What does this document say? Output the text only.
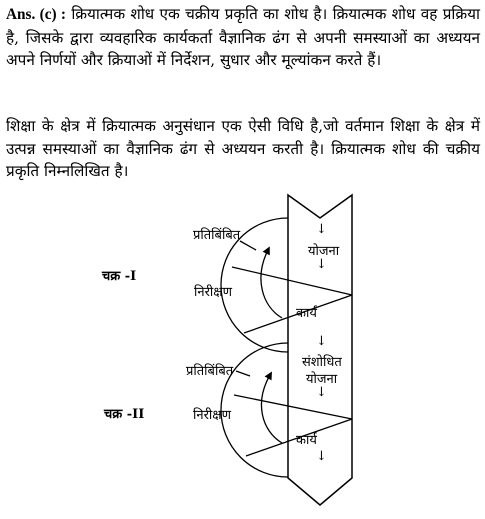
Ans. (c) : क्रियात्मक शोध एक चक्रीय प्रकृति का शोध है। क्रियात्मक शोध वह प्रक्रिया है, जिसके द्वारा व्यवहारिक कार्यकर्ता वैज्ञानिक ढंग से अपनी समस्याओं का अध्ययन अपने निर्णयों और क्रियाओं में निर्देशन, सुधार और मूल्यांकन करते हैं।

शिक्षा के क्षेत्र में क्रियात्मक अनुसंधान एक ऐसी विधि है,जो वर्तमान शिक्षा के क्षेत्र में उत्पन्न समस्याओं का वैज्ञानिक ढंग से अध्ययन करती है। क्रियात्मक शोध की चक्रीय प्रकृति निम्नलिखित है।

प्रतिबिंबित	↓
योजना
↓
चक्र -I
निरीक्षण
कार्य
↓
संशोधित
प्रतिबिंबित
योजना
↓
चक्र -II	निरीक्षण
कार्य
↓
